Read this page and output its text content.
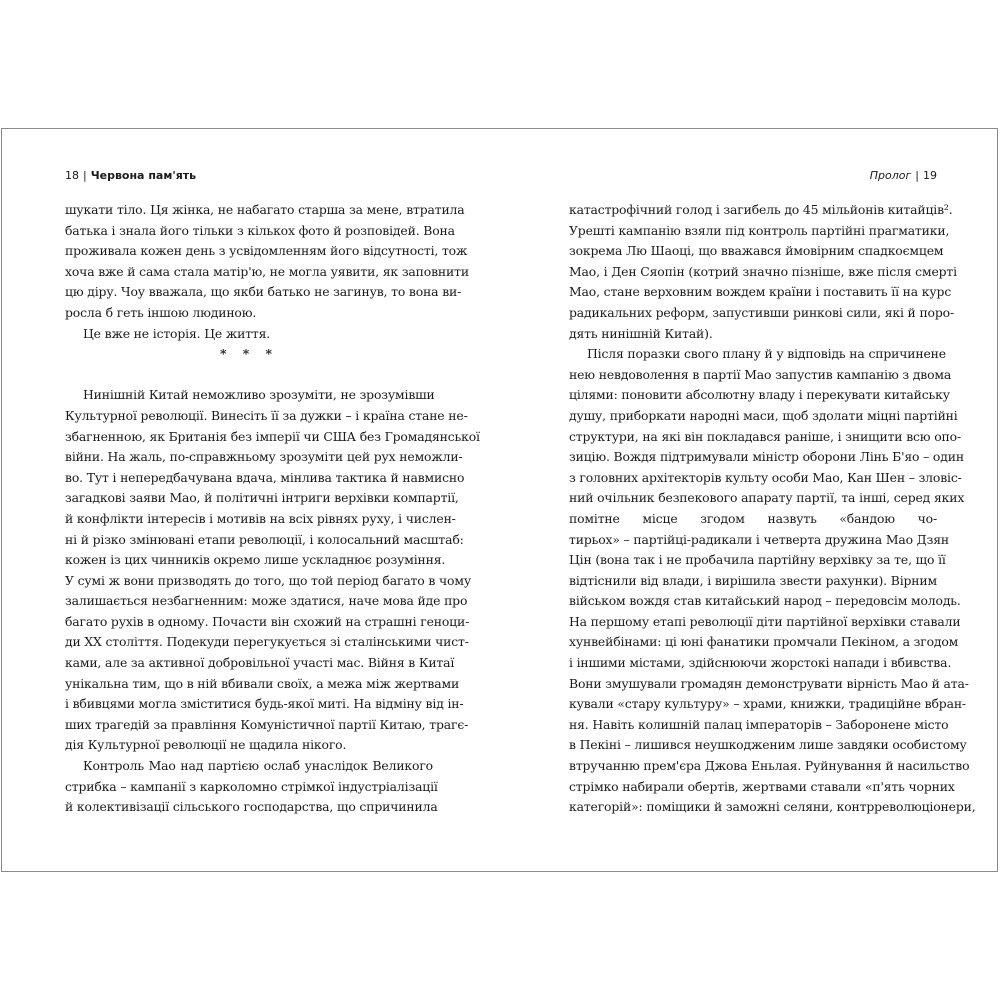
18 | Червона пам'ять
шукати тіло. Ця жінка, не набагато старша за мене, втратила
батька і знала його тільки з кількох фото й розповідей. Вона
проживала кожен день з усвідомленням його відсутності, тож
хоча вже й сама стала матір'ю, не могла уявити, як заповнити
цю діру. Чоу вважала, що якби батько не загинув, то вона ви-
росла б геть іншою людиною.
Це вже не історія. Це життя.
* * *
Нинішній Китай неможливо зрозуміти, не зрозумівши
Культурної революції. Винесіть її за дужки – і країна стане не-
збагненною, як Британія без імперії чи США без Громадянської
війни. На жаль, по-справжньому зрозуміти цей рух неможли-
во. Тут і непередбачувана вдача, мінлива тактика й навмисно
загадкові заяви Мао, й політичні інтриги верхівки компартії,
й конфлікти інтересів і мотивів на всіх рівнях руху, і числен-
ні й різко змінювані етапи революції, і колосальний масштаб:
кожен із цих чинників окремо лише ускладнює розуміння.
У сумі ж вони призводять до того, що той період багато в чому
залишається незбагненним: може здатися, наче мова йде про
багато рухів в одному. Почасти він схожий на страшні геноци-
ди XX століття. Подекуди перегукується зі сталінськими чист-
ками, але за активної добровільної участі мас. Війня в Китаї
унікальна тим, що в ній вбивали своїх, а межа між жертвами
і вбивцями могла зміститися будь-якої миті. На відміну від ін-
ших трагедій за правління Комуністичної партії Китаю, трагє-
дія Культурної революції не щадила нікого.
Контроль Мао над партією ослаб унаслідок Великого
стрибка – кампанії з карколомно стрімкої індустріалізації
й колективізації сільського господарства, що спричинила
Пролог | 19
катастрофічний голод і загибель до 45 мільйонів китайців².
Урешті кампанію взяли під контроль партійні прагматики,
зокрема Лю Шаоці, що вважався ймовірним спадкоємцем
Мао, і Ден Сяопін (котрий значно пізніше, вже після смерті
Мао, стане верховним вождем країни і поставить її на курс
радикальних реформ, запустивши ринкові сили, які й поро-
дять нинішній Китай).
Після поразки свого плану й у відповідь на спричинене
нею невдоволення в партії Мао запустив кампанію з двома
цілями: поновити абсолютну владу і перекувати китайську
душу, приборкати народні маси, щоб здолати міцні партійні
структури, на які він покладався раніше, і знищити всю опо-
зицію. Вождя підтримували міністр оборони Лінь Б'яо – один
з головних архітекторів культу особи Мао, Кан Шен – зловіс-
ний очільник безпекового апарату партії, та інші, серед яких
помітне місце згодом назвуть «бандою чо-
тирьох» – партійці-радикали і четверта дружина Мао Дзян
Цін (вона так і не пробачила партійну верхівку за те, що її
відтіснили від влади, і вирішила звести рахунки). Вірним
військом вождя став китайський народ – передовсім молодь.
На першому етапі революції діти партійної верхівки ставали
хунвейбінами: ці юні фанатики промчали Пекіном, а згодом
і іншими містами, здійснюючи жорстокі напади і вбивства.
Вони змушували громадян демонструвати вірність Мао й ата-
кували «стару культуру» – храми, книжки, традиційне вбран-
ня. Навіть колишній палац імператорів – Заборонене місто
в Пекіні – лишився неушкодженим лише завдяки особистому
втручанню прем'єра Джова Еньлая. Руйнування й насильство
стрімко набирали обертів, жертвами ставали «п'ять чорних
категорій»: поміщики й заможні селяни, контрреволюціонери,
